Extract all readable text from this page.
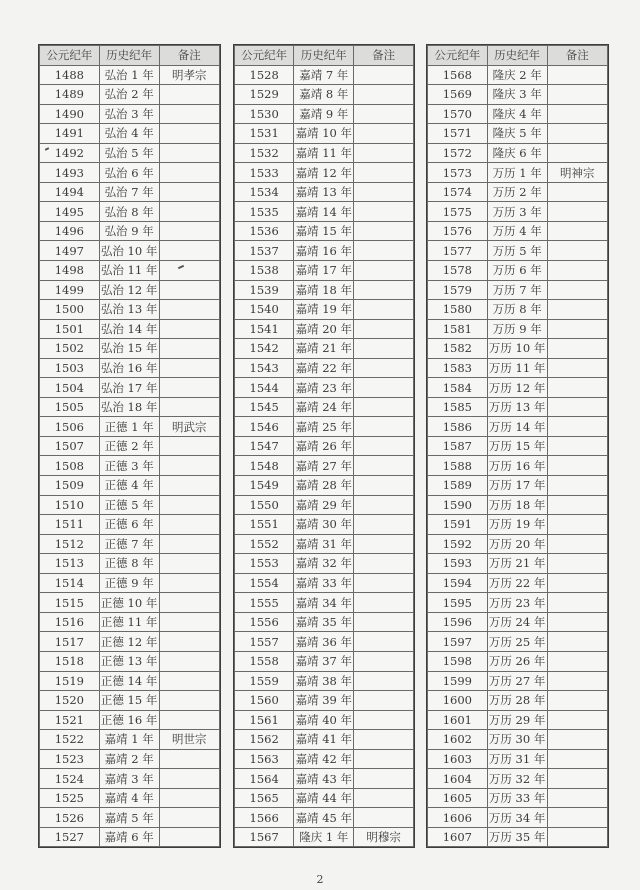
公元纪年	历史纪年	备注
1488	弘治 1 年	明孝宗
1489	弘治 2 年	
1490	弘治 3 年	
1491	弘治 4 年	
1492	弘治 5 年	
1493	弘治 6 年	
1494	弘治 7 年	
1495	弘治 8 年	
1496	弘治 9 年	
1497	弘治 10 年	
1498	弘治 11 年	
1499	弘治 12 年	
1500	弘治 13 年	
1501	弘治 14 年	
1502	弘治 15 年	
1503	弘治 16 年	
1504	弘治 17 年	
1505	弘治 18 年	
1506	正德 1 年	明武宗
1507	正德 2 年	
1508	正德 3 年	
1509	正德 4 年	
1510	正德 5 年	
1511	正德 6 年	
1512	正德 7 年	
1513	正德 8 年	
1514	正德 9 年	
1515	正德 10 年	
1516	正德 11 年	
1517	正德 12 年	
1518	正德 13 年	
1519	正德 14 年	
1520	正德 15 年	
1521	正德 16 年	
1522	嘉靖 1 年	明世宗
1523	嘉靖 2 年	
1524	嘉靖 3 年	
1525	嘉靖 4 年	
1526	嘉靖 5 年	
1527	嘉靖 6 年	
公元纪年	历史纪年	备注
1528	嘉靖 7 年	
1529	嘉靖 8 年	
1530	嘉靖 9 年	
1531	嘉靖 10 年	
1532	嘉靖 11 年	
1533	嘉靖 12 年	
1534	嘉靖 13 年	
1535	嘉靖 14 年	
1536	嘉靖 15 年	
1537	嘉靖 16 年	
1538	嘉靖 17 年	
1539	嘉靖 18 年	
1540	嘉靖 19 年	
1541	嘉靖 20 年	
1542	嘉靖 21 年	
1543	嘉靖 22 年	
1544	嘉靖 23 年	
1545	嘉靖 24 年	
1546	嘉靖 25 年	
1547	嘉靖 26 年	
1548	嘉靖 27 年	
1549	嘉靖 28 年	
1550	嘉靖 29 年	
1551	嘉靖 30 年	
1552	嘉靖 31 年	
1553	嘉靖 32 年	
1554	嘉靖 33 年	
1555	嘉靖 34 年	
1556	嘉靖 35 年	
1557	嘉靖 36 年	
1558	嘉靖 37 年	
1559	嘉靖 38 年	
1560	嘉靖 39 年	
1561	嘉靖 40 年	
1562	嘉靖 41 年	
1563	嘉靖 42 年	
1564	嘉靖 43 年	
1565	嘉靖 44 年	
1566	嘉靖 45 年	
1567	隆庆 1 年	明穆宗
公元纪年	历史纪年	备注
1568	隆庆 2 年	
1569	隆庆 3 年	
1570	隆庆 4 年	
1571	隆庆 5 年	
1572	隆庆 6 年	
1573	万历 1 年	明神宗
1574	万历 2 年	
1575	万历 3 年	
1576	万历 4 年	
1577	万历 5 年	
1578	万历 6 年	
1579	万历 7 年	
1580	万历 8 年	
1581	万历 9 年	
1582	万历 10 年	
1583	万历 11 年	
1584	万历 12 年	
1585	万历 13 年	
1586	万历 14 年	
1587	万历 15 年	
1588	万历 16 年	
1589	万历 17 年	
1590	万历 18 年	
1591	万历 19 年	
1592	万历 20 年	
1593	万历 21 年	
1594	万历 22 年	
1595	万历 23 年	
1596	万历 24 年	
1597	万历 25 年	
1598	万历 26 年	
1599	万历 27 年	
1600	万历 28 年	
1601	万历 29 年	
1602	万历 30 年	
1603	万历 31 年	
1604	万历 32 年	
1605	万历 33 年	
1606	万历 34 年	
1607	万历 35 年	
2
